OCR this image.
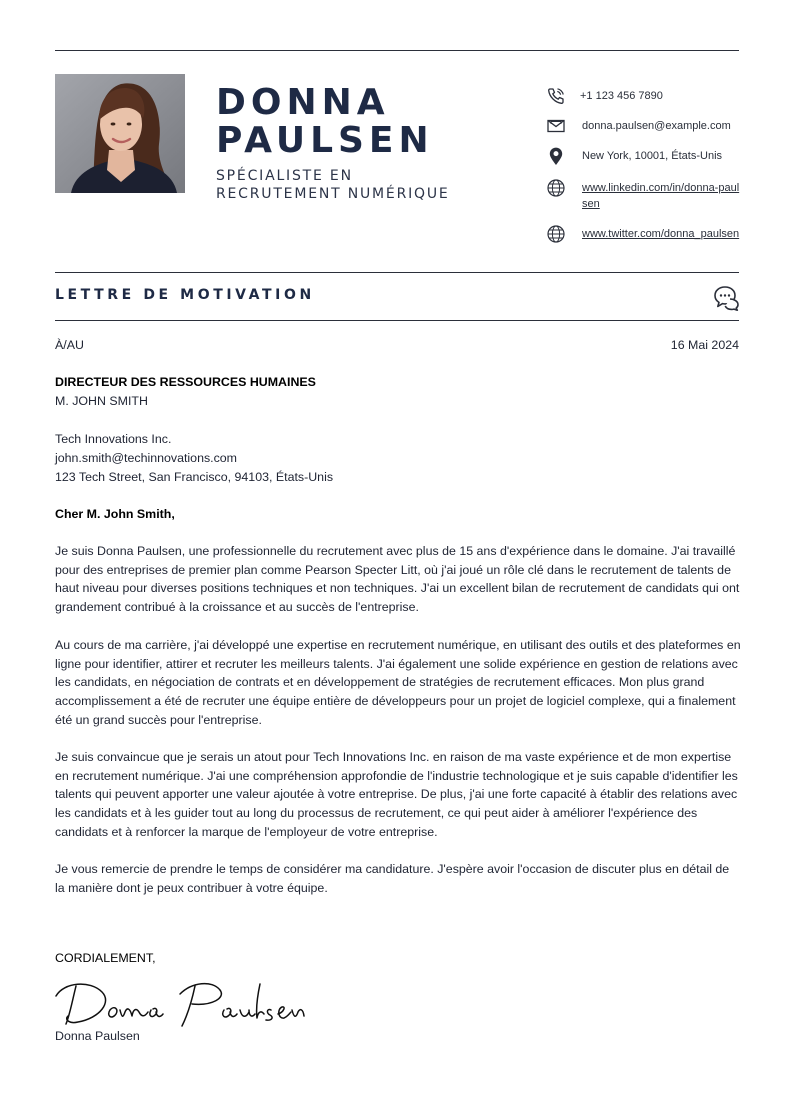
DONNA
PAULSEN
SPÉCIALISTE EN
RECRUTEMENT NUMÉRIQUE
+1 123 456 7890
donna.paulsen@example.com
New York, 10001, États-Unis
www.linkedin.com/in/donna-paulsen
www.twitter.com/donna_paulsen
LETTRE DE MOTIVATION
À/AU	16 Mai 2024
DIRECTEUR DES RESSOURCES HUMAINES
M. JOHN SMITH
Tech Innovations Inc.
john.smith@techinnovations.com
123 Tech Street, San Francisco, 94103, États-Unis
Cher M. John Smith,
Je suis Donna Paulsen, une professionnelle du recrutement avec plus de 15 ans d'expérience dans le domaine. J'ai travaillé pour des entreprises de premier plan comme Pearson Specter Litt, où j'ai joué un rôle clé dans le recrutement de talents de haut niveau pour diverses positions techniques et non techniques. J'ai un excellent bilan de recrutement de candidats qui ont grandement contribué à la croissance et au succès de l'entreprise.
Au cours de ma carrière, j'ai développé une expertise en recrutement numérique, en utilisant des outils et des plateformes en ligne pour identifier, attirer et recruter les meilleurs talents. J'ai également une solide expérience en gestion de relations avec les candidats, en négociation de contrats et en développement de stratégies de recrutement efficaces. Mon plus grand accomplissement a été de recruter une équipe entière de développeurs pour un projet de logiciel complexe, qui a finalement été un grand succès pour l'entreprise.
Je suis convaincue que je serais un atout pour Tech Innovations Inc. en raison de ma vaste expérience et de mon expertise en recrutement numérique. J'ai une compréhension approfondie de l'industrie technologique et je suis capable d'identifier les talents qui peuvent apporter une valeur ajoutée à votre entreprise. De plus, j'ai une forte capacité à établir des relations avec les candidats et à les guider tout au long du processus de recrutement, ce qui peut aider à améliorer l'expérience des candidats et à renforcer la marque de l'employeur de votre entreprise.
Je vous remercie de prendre le temps de considérer ma candidature. J'espère avoir l'occasion de discuter plus en détail de la manière dont je peux contribuer à votre équipe.
CORDIALEMENT,
Donna Paulsen
